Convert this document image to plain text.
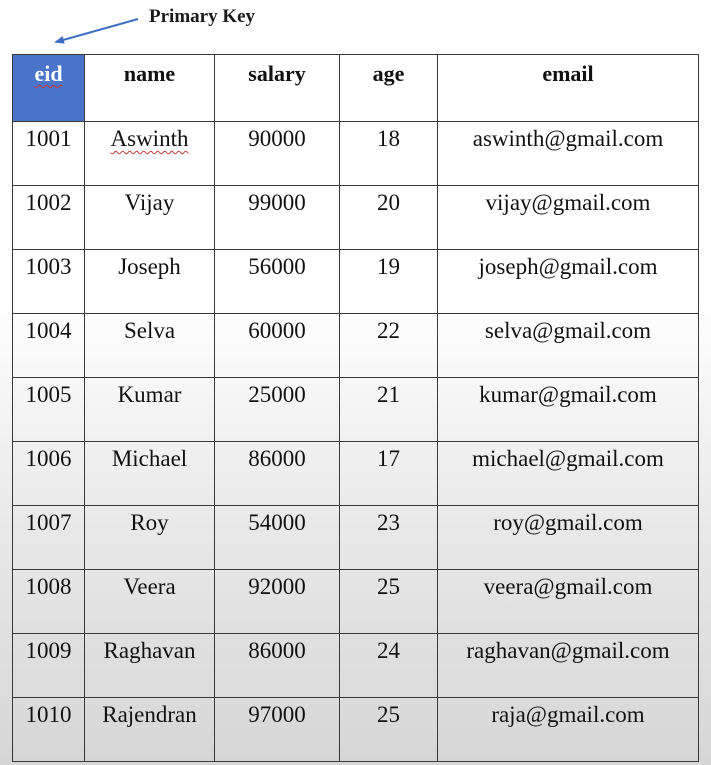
Primary Key
eid	name	salary	age	email
1001	Aswinth	90000	18	aswinth@gmail.com
1002	Vijay	99000	20	vijay@gmail.com
1003	Joseph	56000	19	joseph@gmail.com
1004	Selva	60000	22	selva@gmail.com
1005	Kumar	25000	21	kumar@gmail.com
1006	Michael	86000	17	michael@gmail.com
1007	Roy	54000	23	roy@gmail.com
1008	Veera	92000	25	veera@gmail.com
1009	Raghavan	86000	24	raghavan@gmail.com
1010	Rajendran	97000	25	raja@gmail.com
